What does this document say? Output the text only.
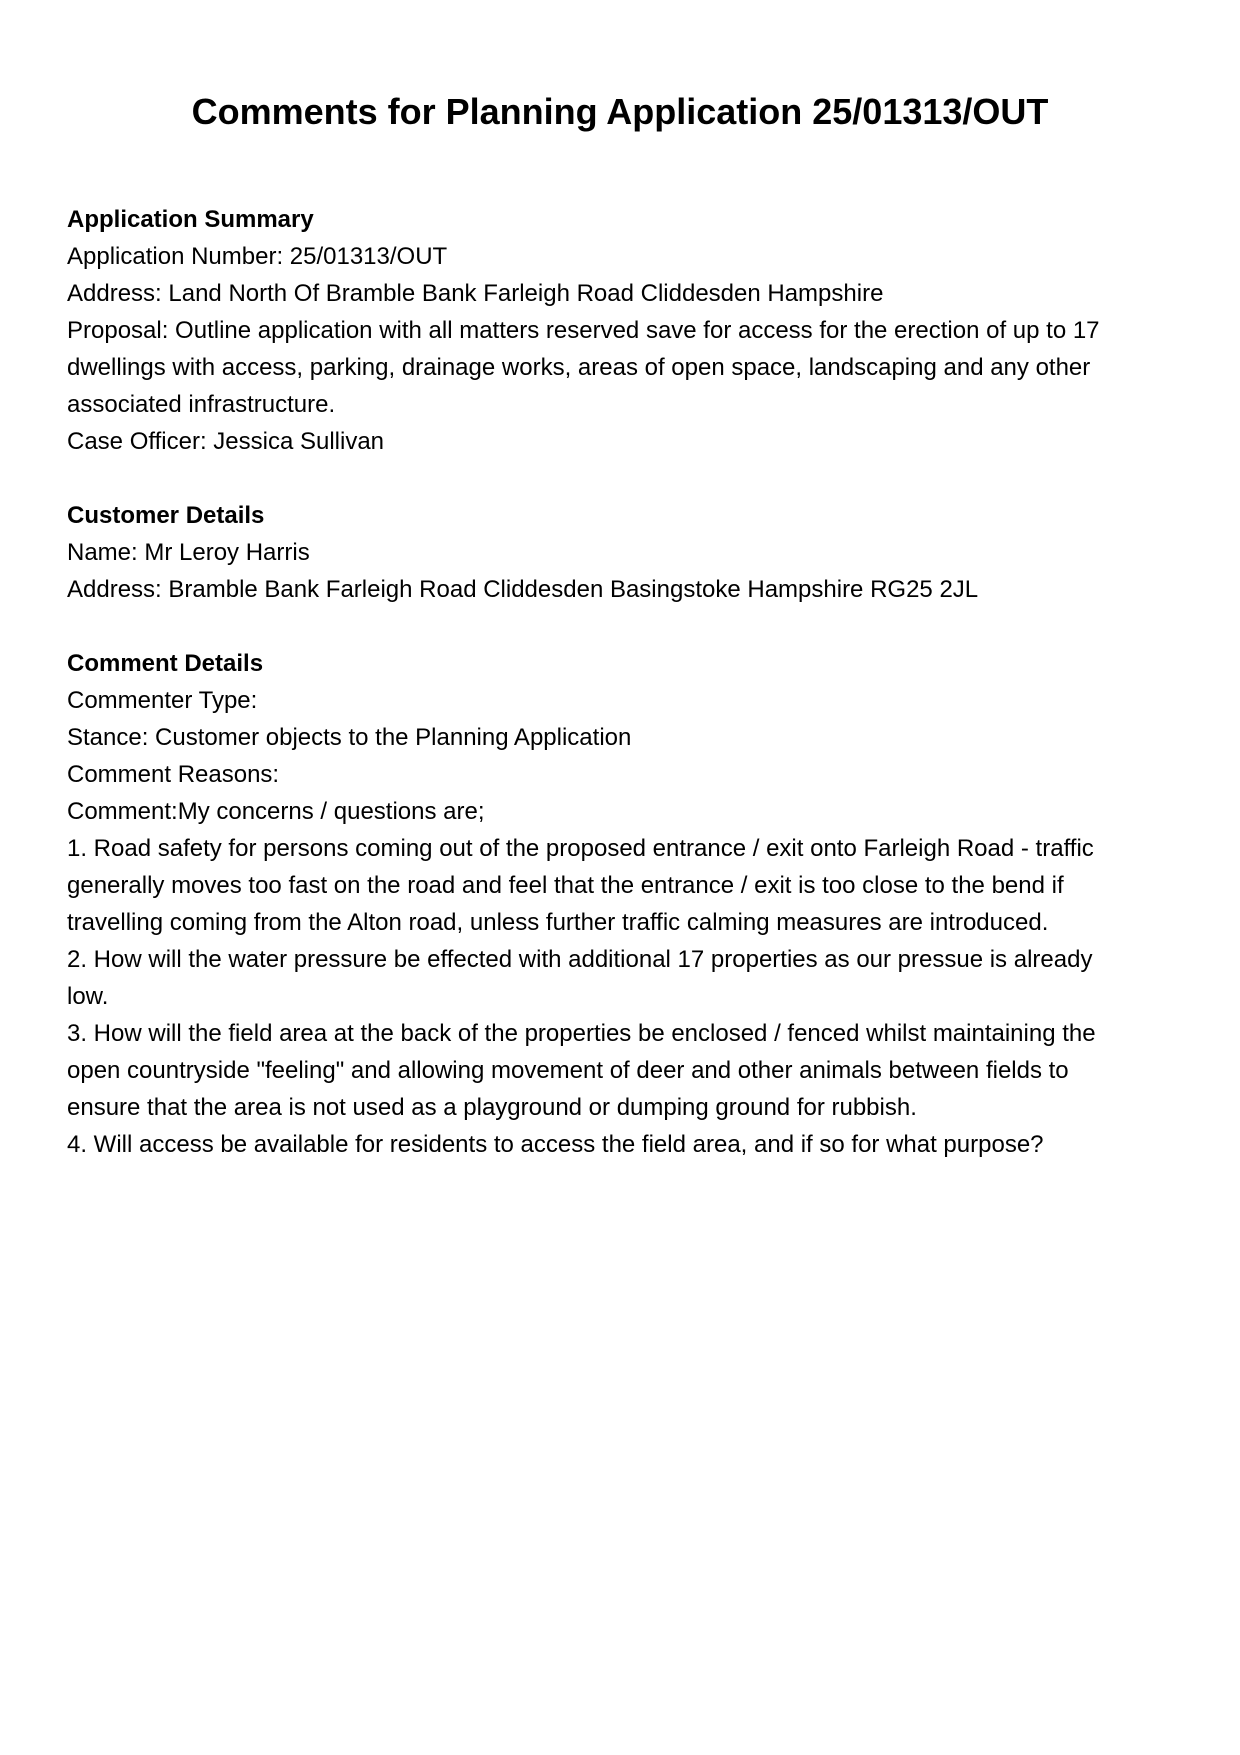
Comments for Planning Application 25/01313/OUT
Application Summary
Application Number: 25/01313/OUT
Address: Land North Of Bramble Bank Farleigh Road Cliddesden Hampshire
Proposal: Outline application with all matters reserved save for access for the erection of up to 17
dwellings with access, parking, drainage works, areas of open space, landscaping and any other
associated infrastructure.
Case Officer: Jessica Sullivan
Customer Details
Name: Mr Leroy Harris
Address: Bramble Bank Farleigh Road Cliddesden Basingstoke Hampshire RG25 2JL
Comment Details
Commenter Type:
Stance: Customer objects to the Planning Application
Comment Reasons:
Comment:My concerns / questions are;
1. Road safety for persons coming out of the proposed entrance / exit onto Farleigh Road - traffic
generally moves too fast on the road and feel that the entrance / exit is too close to the bend if
travelling coming from the Alton road, unless further traffic calming measures are introduced.
2. How will the water pressure be effected with additional 17 properties as our pressue is already
low.
3. How will the field area at the back of the properties be enclosed / fenced whilst maintaining the
open countryside "feeling" and allowing movement of deer and other animals between fields to
ensure that the area is not used as a playground or dumping ground for rubbish.
4. Will access be available for residents to access the field area, and if so for what purpose?
